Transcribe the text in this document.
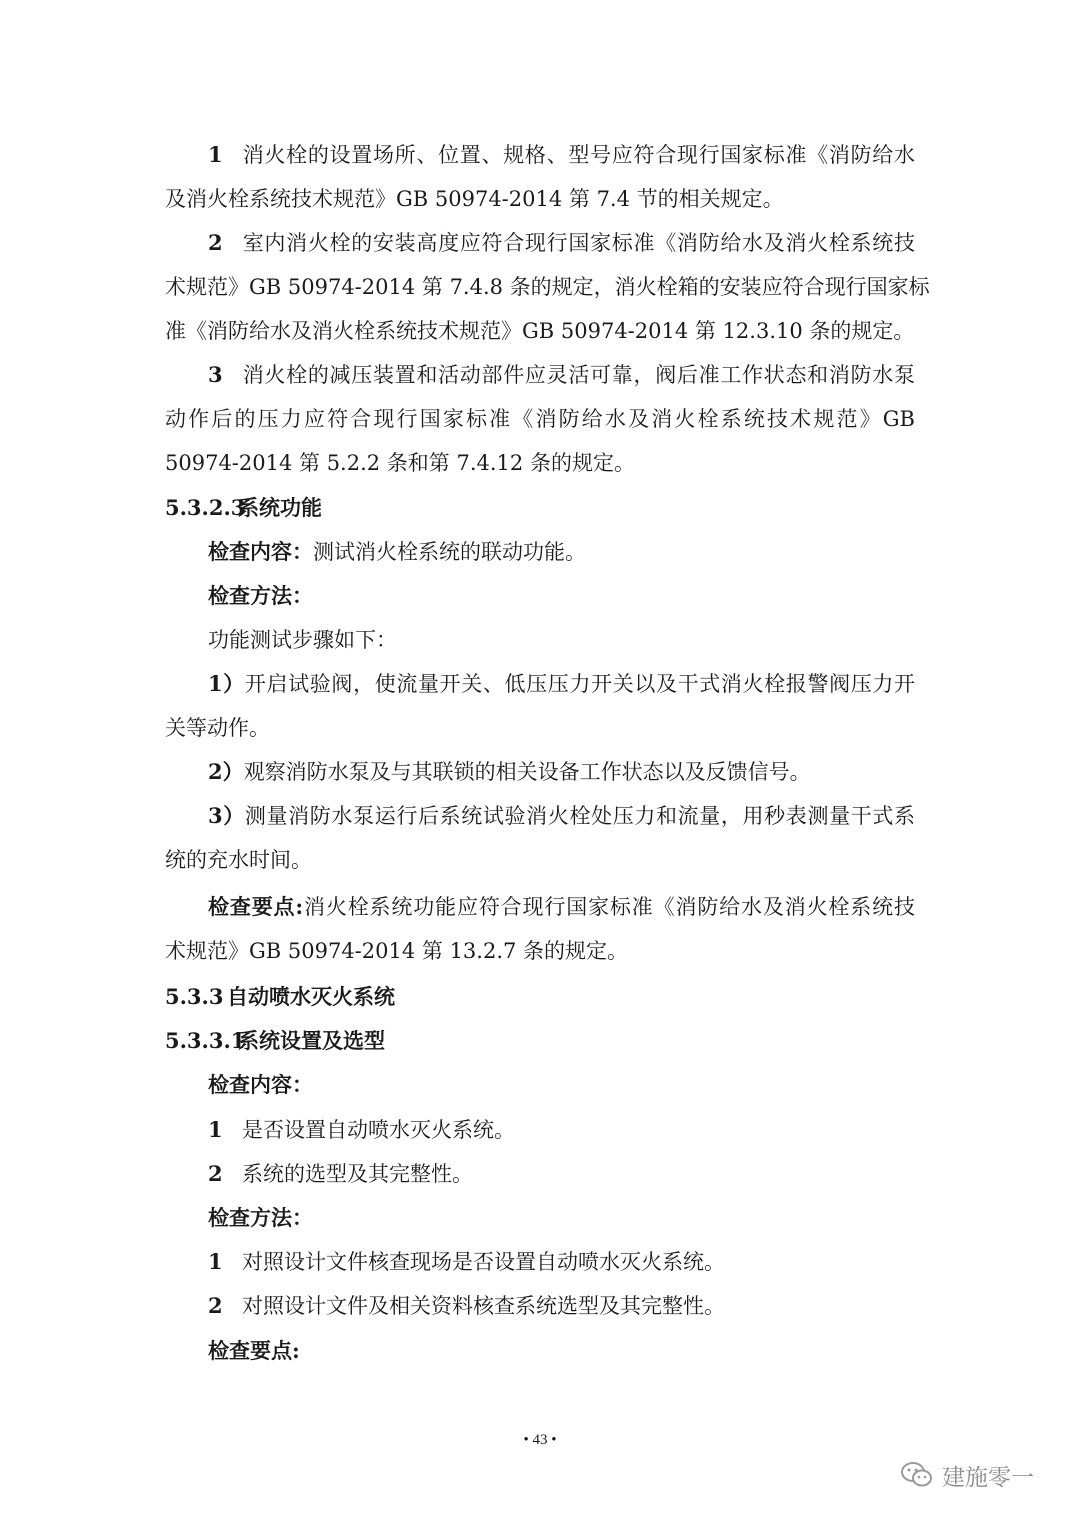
1 消火栓的设置场所、位置、规格、型号应符合现行国家标准《消防给水
及消火栓系统技术规范》GB 50974-2014 第 7.4 节的相关规定。
2 室内消火栓的安装高度应符合现行国家标准《消防给水及消火栓系统技
术规范》GB 50974-2014 第 7.4.8 条的规定，消火栓箱的安装应符合现行国家标
准《消防给水及消火栓系统技术规范》GB 50974-2014 第 12.3.10 条的规定。
3 消火栓的减压装置和活动部件应灵活可靠，阀后准工作状态和消防水泵
动作后的压力应符合现行国家标准《消防给水及消火栓系统技术规范》GB
50974-2014 第 5.2.2 条和第 7.4.12 条的规定。
5.3.2.3系统功能
检查内容：测试消火栓系统的联动功能。
检查方法：
功能测试步骤如下：
1）开启试验阀，使流量开关、低压压力开关以及干式消火栓报警阀压力开
关等动作。
2）观察消防水泵及与其联锁的相关设备工作状态以及反馈信号。
3）测量消防水泵运行后系统试验消火栓处压力和流量，用秒表测量干式系
统的充水时间。
检查要点:消火栓系统功能应符合现行国家标准《消防给水及消火栓系统技
术规范》GB 50974-2014 第 13.2.7 条的规定。
5.3.3 自动喷水灭火系统
5.3.3.1系统设置及选型
检查内容：
1 是否设置自动喷水灭火系统。
2 系统的选型及其完整性。
检查方法：
1 对照设计文件核查现场是否设置自动喷水灭火系统。
2 对照设计文件及相关资料核查系统选型及其完整性。
检查要点:
• 43 •
建施零一
